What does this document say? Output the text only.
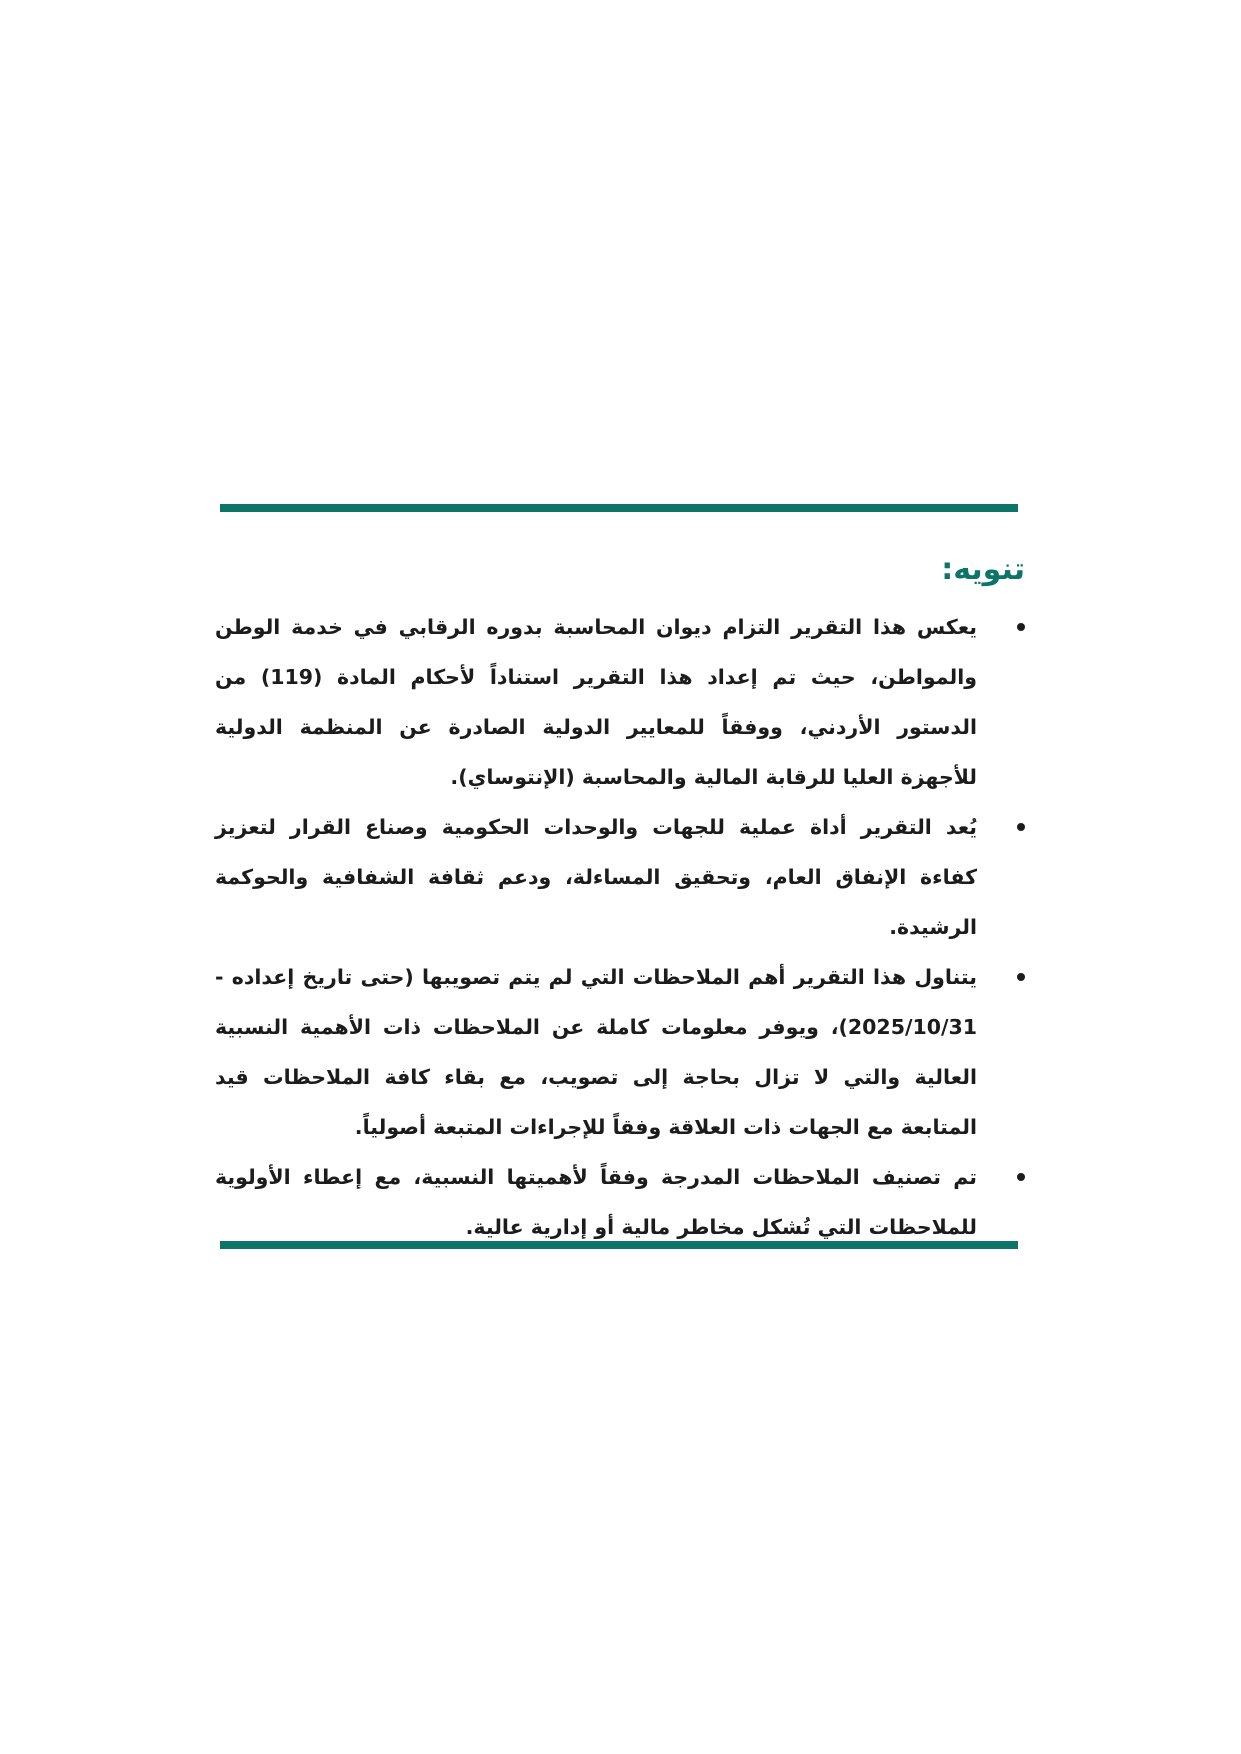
تنويه:
يعكس هذا التقرير التزام ديوان المحاسبة بدوره الرقابي في خدمة الوطن والمواطن، حيث تم إعداد هذا التقرير استناداً لأحكام المادة (119) من الدستور الأردني، ووفقاً للمعايير الدولية الصادرة عن المنظمة الدولية للأجهزة العليا للرقابة المالية والمحاسبة (الإنتوساي).
يُعد التقرير أداة عملية للجهات والوحدات الحكومية وصناع القرار لتعزيز كفاءة الإنفاق العام، وتحقيق المساءلة، ودعم ثقافة الشفافية والحوكمة الرشيدة.
يتناول هذا التقرير أهم الملاحظات التي لم يتم تصويبها (حتى تاريخ إعداده - 2025/10/31)، ويوفر معلومات كاملة عن الملاحظات ذات الأهمية النسبية العالية والتي لا تزال بحاجة إلى تصويب، مع بقاء كافة الملاحظات قيد المتابعة مع الجهات ذات العلاقة وفقاً للإجراءات المتبعة أصولياً.
تم تصنيف الملاحظات المدرجة وفقاً لأهميتها النسبية، مع إعطاء الأولوية للملاحظات التي تُشكل مخاطر مالية أو إدارية عالية.
